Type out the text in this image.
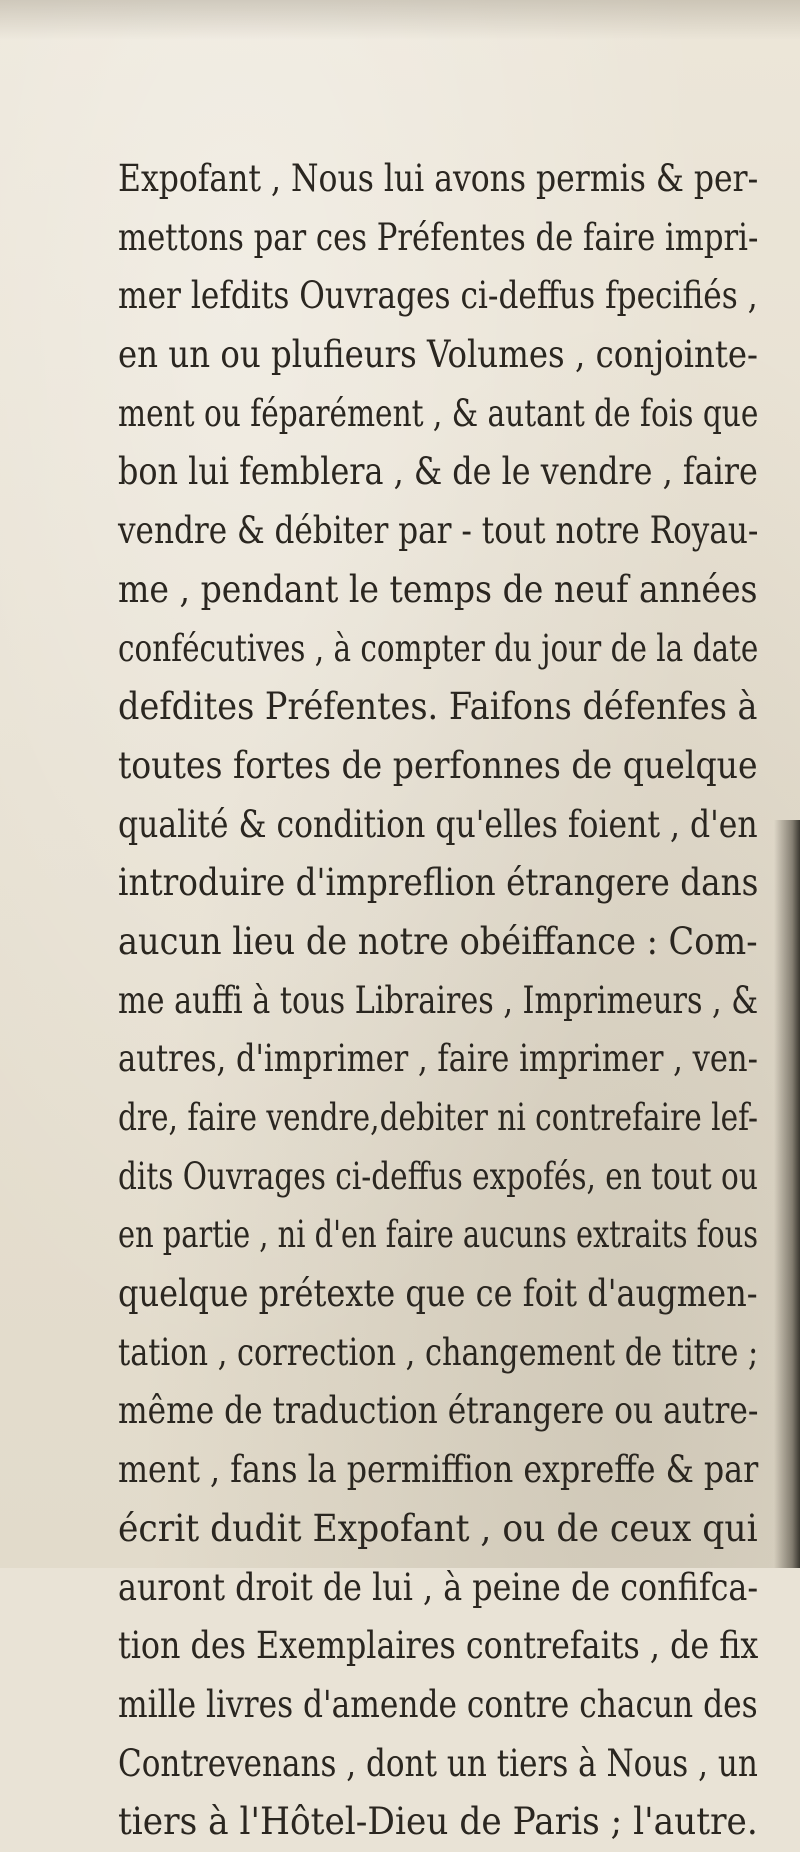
Expofant , Nous lui avons permis & per-
mettons par ces Préfentes de faire impri-
mer lefdits Ouvrages ci-deffus fpecifiés ,
en un ou plufieurs Volumes , conjointe-
ment ou féparément , & autant de fois que
bon lui femblera , & de le vendre , faire
vendre & débiter par - tout notre Royau-
me , pendant le temps de neuf années
confécutives , à compter du jour de la date
defdites Préfentes. Faifons défenfes à
toutes fortes de perfonnes de quelque
qualité & condition qu'elles foient , d'en
introduire d'impreflion étrangere dans
aucun lieu de notre obéiffance : Com-
me auffi à tous Libraires , Imprimeurs , &
autres, d'imprimer , faire imprimer , ven-
dre, faire vendre,debiter ni contrefaire lef-
dits Ouvrages ci-deffus expofés, en tout ou
en partie , ni d'en faire aucuns extraits fous
quelque prétexte que ce foit d'augmen-
tation , correction , changement de titre ;
même de traduction étrangere ou autre-
ment , fans la permiffion expreffe & par
écrit dudit Expofant , ou de ceux qui
auront droit de lui , à peine de confifca-
tion des Exemplaires contrefaits , de fix
mille livres d'amende contre chacun des
Contrevenans , dont un tiers à Nous , un
tiers à l'Hôtel-Dieu de Paris ; l'autre.
